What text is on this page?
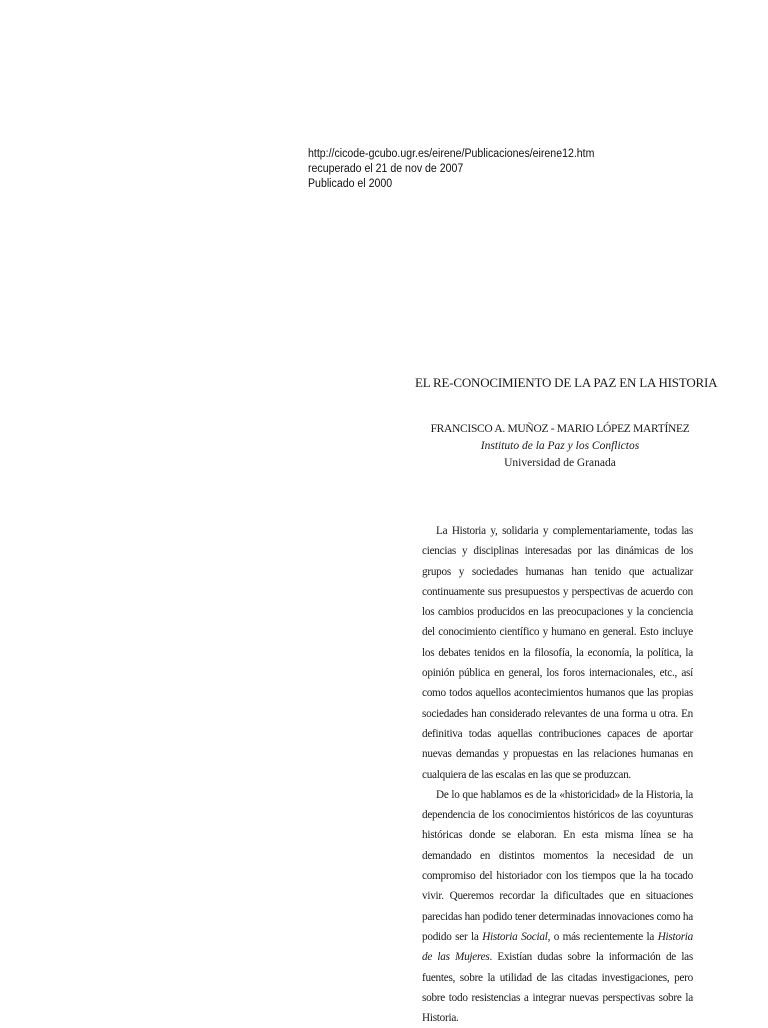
http://cicode-gcubo.ugr.es/eirene/Publicaciones/eirene12.htm
recuperado el 21 de nov de 2007
Publicado el 2000
EL RE-CONOCIMIENTO DE LA PAZ EN LA HISTORIA
FRANCISCO A. MUÑOZ - MARIO LÓPEZ MARTÍNEZ
Instituto de la Paz y los Conflictos
Universidad de Granada

La Historia y, solidaria y complementariamente, todas las ciencias y disciplinas interesadas por las dinámicas de los grupos y sociedades humanas han tenido que actualizar continuamente sus presupuestos y perspectivas de acuerdo con los cambios producidos en las preocupaciones y la conciencia del conocimiento científico y humano en general. Esto incluye los debates tenidos en la filosofía, la economía, la política, la opinión pública en general, los foros internacionales, etc., así como todos aquellos acontecimientos humanos que las propias sociedades han considerado relevantes de una forma u otra. En definitiva todas aquellas contribuciones capaces de aportar nuevas demandas y propuestas en las relaciones humanas en cualquiera de las escalas en las que se produzcan.

De lo que hablamos es de la «historicidad» de la Historia, la dependencia de los conocimientos históricos de las coyunturas históricas donde se elaboran. En esta misma línea se ha demandado en distintos momentos la necesidad de un compromiso del historiador con los tiempos que la ha tocado vivir. Queremos recordar la dificultades que en situaciones parecidas han podido tener determinadas innovaciones como ha podido ser la Historia Social, o más recientemente la Historia de las Mujeres. Existían dudas sobre la información de las fuentes, sobre la utilidad de las citadas investigaciones, pero sobre todo resistencias a integrar nuevas perspectivas sobre la Historia.
